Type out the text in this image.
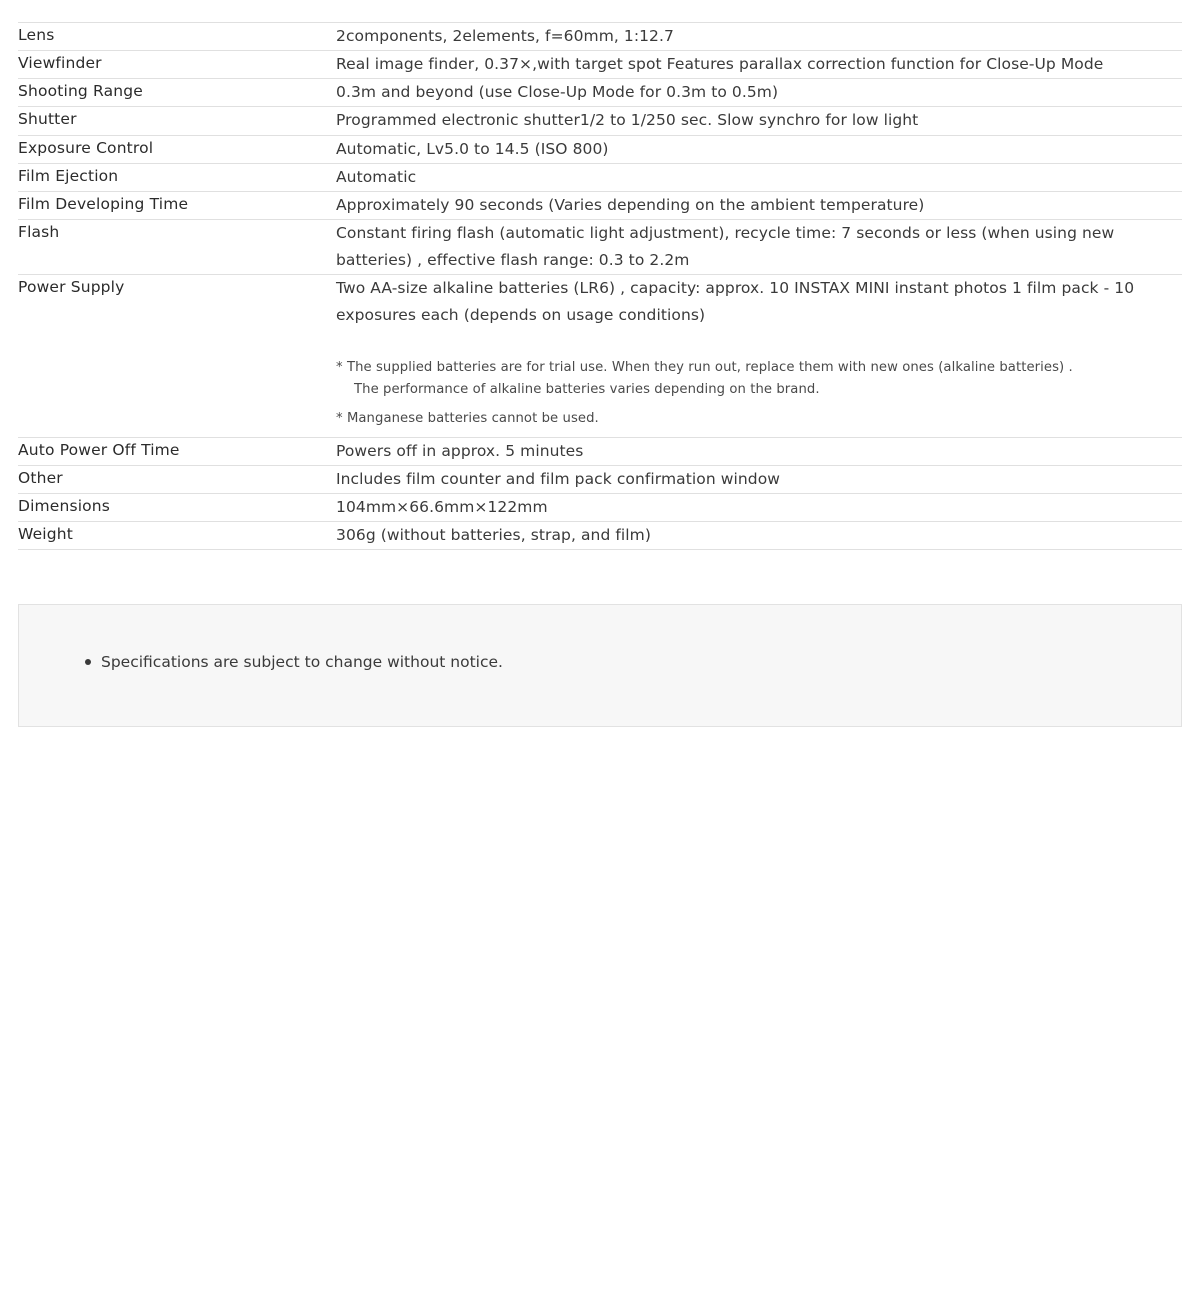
Lens	2components, 2elements, f=60mm, 1:12.7

Viewfinder	Real image finder, 0.37×,with target spot Features parallax correction function for Close-Up Mode

Shooting Range	0.3m and beyond (use Close-Up Mode for 0.3m to 0.5m)

Shutter	Programmed electronic shutter1/2 to 1/250 sec. Slow synchro for low light

Exposure Control	Automatic, Lv5.0 to 14.5 (ISO 800)

Film Ejection	Automatic

Film Developing Time	Approximately 90 seconds (Varies depending on the ambient temperature)

Flash	Constant firing flash (automatic light adjustment), recycle time: 7 seconds or less (when using new batteries) , effective flash range: 0.3 to 2.2m

Power Supply	Two AA-size alkaline batteries (LR6) , capacity: approx. 10 INSTAX MINI instant photos 1 film pack - 10 exposures each (depends on usage conditions)
* The supplied batteries are for trial use. When they run out, replace them with new ones (alkaline batteries) .
The performance of alkaline batteries varies depending on the brand.
* Manganese batteries cannot be used.

Auto Power Off Time	Powers off in approx. 5 minutes

Other	Includes film counter and film pack confirmation window

Dimensions	104mm×66.6mm×122mm

Weight	306g (without batteries, strap, and film)
Specifications are subject to change without notice.
